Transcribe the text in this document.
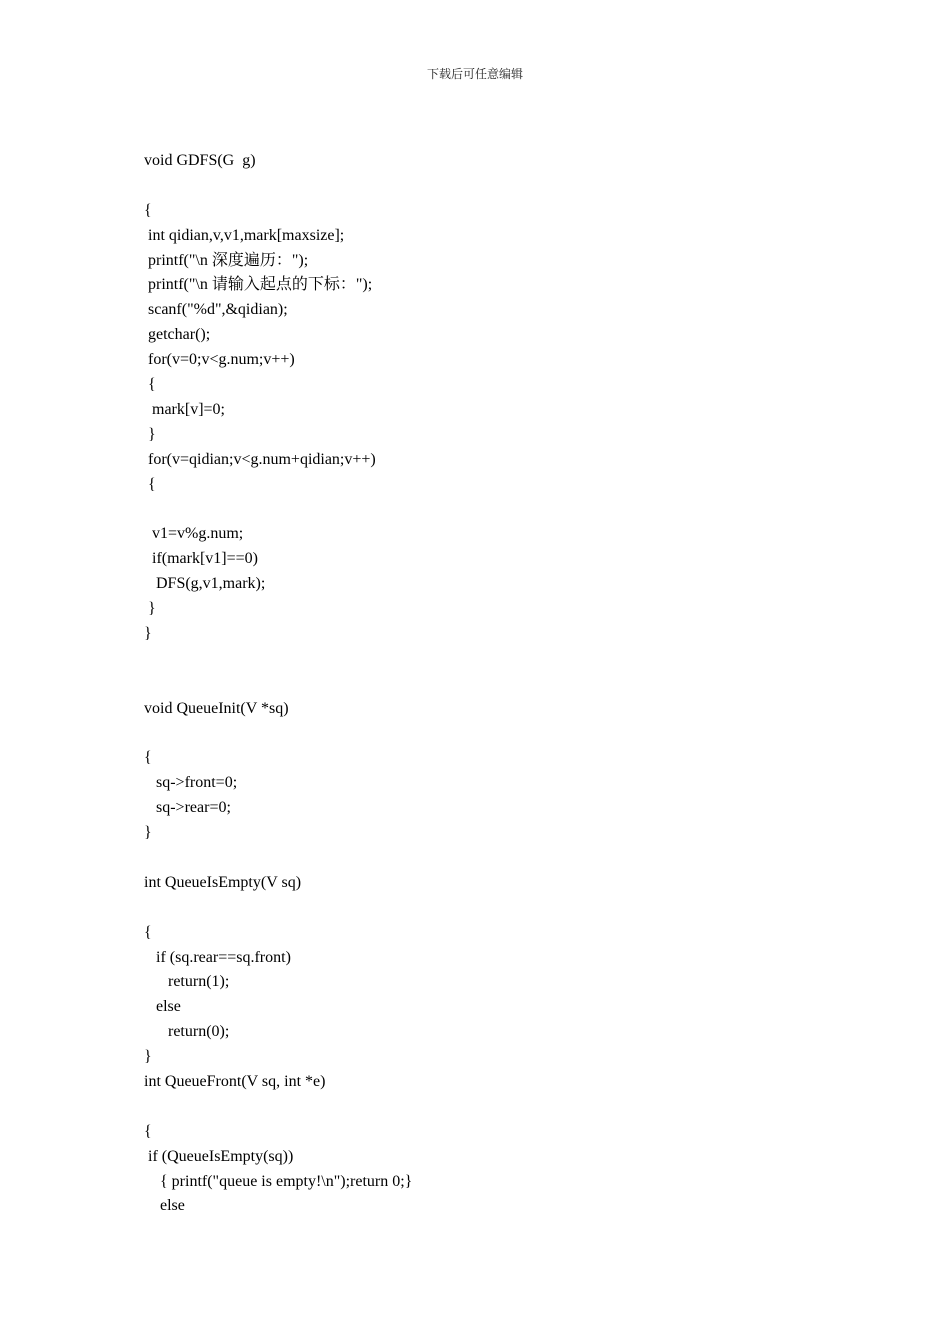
下载后可任意编辑

void GDFS(G  g)

{

int qidian,v,v1,mark[maxsize];

printf("\n 深度遍历：");

printf("\n 请输入起点的下标：");

scanf("%d",&qidian);

getchar();

for(v=0;v<g.num;v++)

{

mark[v]=0;

}

for(v=qidian;v<g.num+qidian;v++)

{

v1=v%g.num;

if(mark[v1]==0)

DFS(g,v1,mark);

}

}

void QueueInit(V *sq)

{

sq->front=0;

sq->rear=0;

}

int QueueIsEmpty(V sq)

{

if (sq.rear==sq.front)

return(1);

else

return(0);

}

int QueueFront(V sq, int *e)

{

if (QueueIsEmpty(sq))

{ printf("queue is empty!\n");return 0;}

else
